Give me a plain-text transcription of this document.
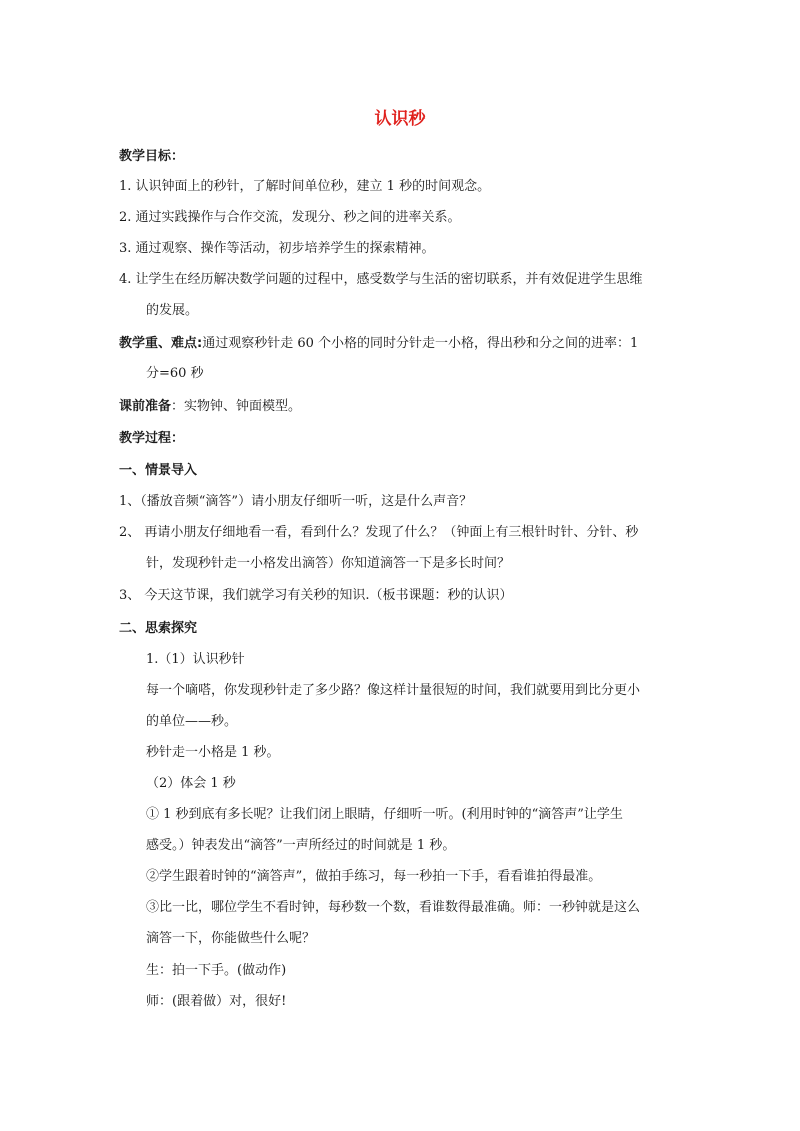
认识秒

教学目标：

1. 认识钟面上的秒针，了解时间单位秒，建立 1 秒的时间观念。

2. 通过实践操作与合作交流，发现分、秒之间的进率关系。

3. 通过观察、操作等活动，初步培养学生的探索精神。

4. 让学生在经历解决数学问题的过程中，感受数学与生活的密切联系，并有效促进学生思维

的发展。

教学重、难点:通过观察秒针走 60 个小格的同时分针走一小格，得出秒和分之间的进率：1

分=60 秒

课前准备：实物钟、钟面模型。

教学过程：

一、情景导入

1、（播放音频“滴答”）请小朋友仔细听一听，这是什么声音？

2、 再请小朋友仔细地看一看，看到什么？发现了什么？（钟面上有三根针时针、分针、秒

针，发现秒针走一小格发出滴答）你知道滴答一下是多长时间？

3、 今天这节课，我们就学习有关秒的知识.（板书课题：秒的认识）

二、思索探究

1.（1）认识秒针

每一个嘀嗒，你发现秒针走了多少路？像这样计量很短的时间，我们就要用到比分更小

的单位——秒。

秒针走一小格是 1 秒。

（2）体会 1 秒

① 1 秒到底有多长呢？让我们闭上眼睛，仔细听一听。(利用时钟的“滴答声”让学生

感受。）钟表发出“滴答”一声所经过的时间就是 1 秒。

②学生跟着时钟的“滴答声”，做拍手练习，每一秒拍一下手，看看谁拍得最准。

③比一比，哪位学生不看时钟，每秒数一个数，看谁数得最准确。师：一秒钟就是这么

滴答一下，你能做些什么呢？

生：拍一下手。(做动作)

师：(跟着做）对，很好!
